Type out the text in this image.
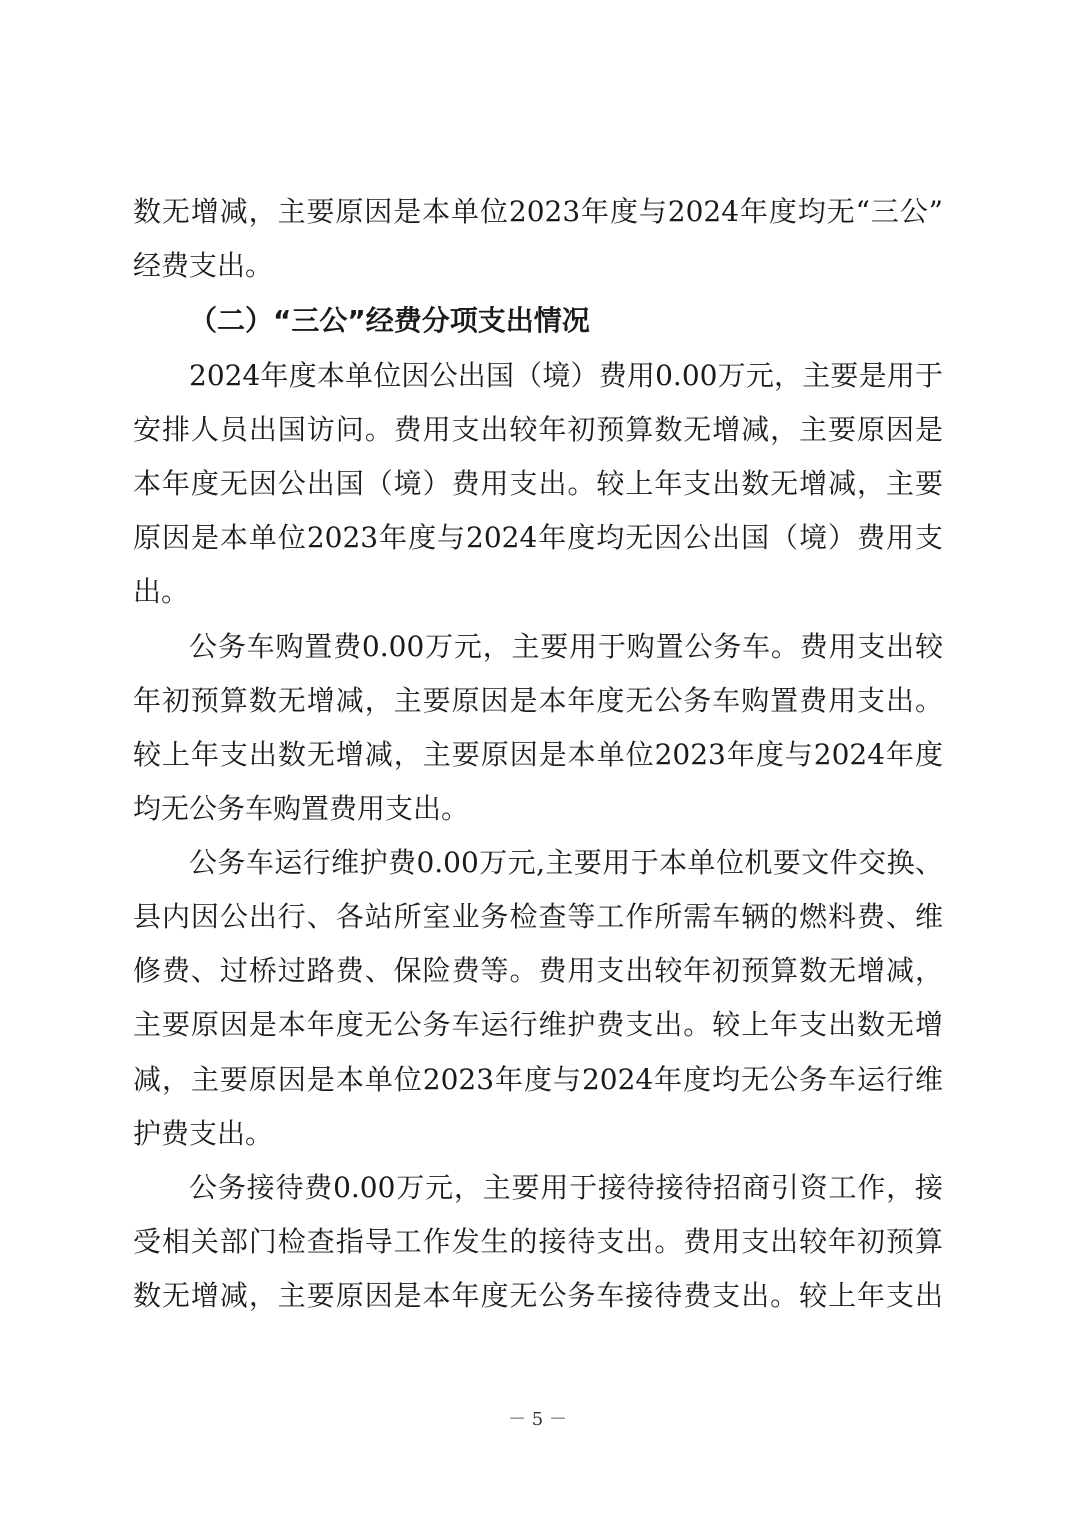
数无增减，主要原因是本单位2023年度与2024年度均无“三公”
经费支出。
（二）“三公”经费分项支出情况
2024年度本单位因公出国（境）费用0.00万元，主要是用于
安排人员出国访问。费用支出较年初预算数无增减，主要原因是
本年度无因公出国（境）费用支出。较上年支出数无增减，主要
原因是本单位2023年度与2024年度均无因公出国（境）费用支
出。
公务车购置费0.00万元，主要用于购置公务车。费用支出较
年初预算数无增减，主要原因是本年度无公务车购置费用支出。
较上年支出数无增减，主要原因是本单位2023年度与2024年度
均无公务车购置费用支出。
公务车运行维护费0.00万元,主要用于本单位机要文件交换、
县内因公出行、各站所室业务检查等工作所需车辆的燃料费、维
修费、过桥过路费、保险费等。费用支出较年初预算数无增减，
主要原因是本年度无公务车运行维护费支出。较上年支出数无增
减，主要原因是本单位2023年度与2024年度均无公务车运行维
护费支出。
公务接待费0.00万元，主要用于接待接待招商引资工作，接
受相关部门检查指导工作发生的接待支出。费用支出较年初预算
数无增减，主要原因是本年度无公务车接待费支出。较上年支出
－ 5 －
